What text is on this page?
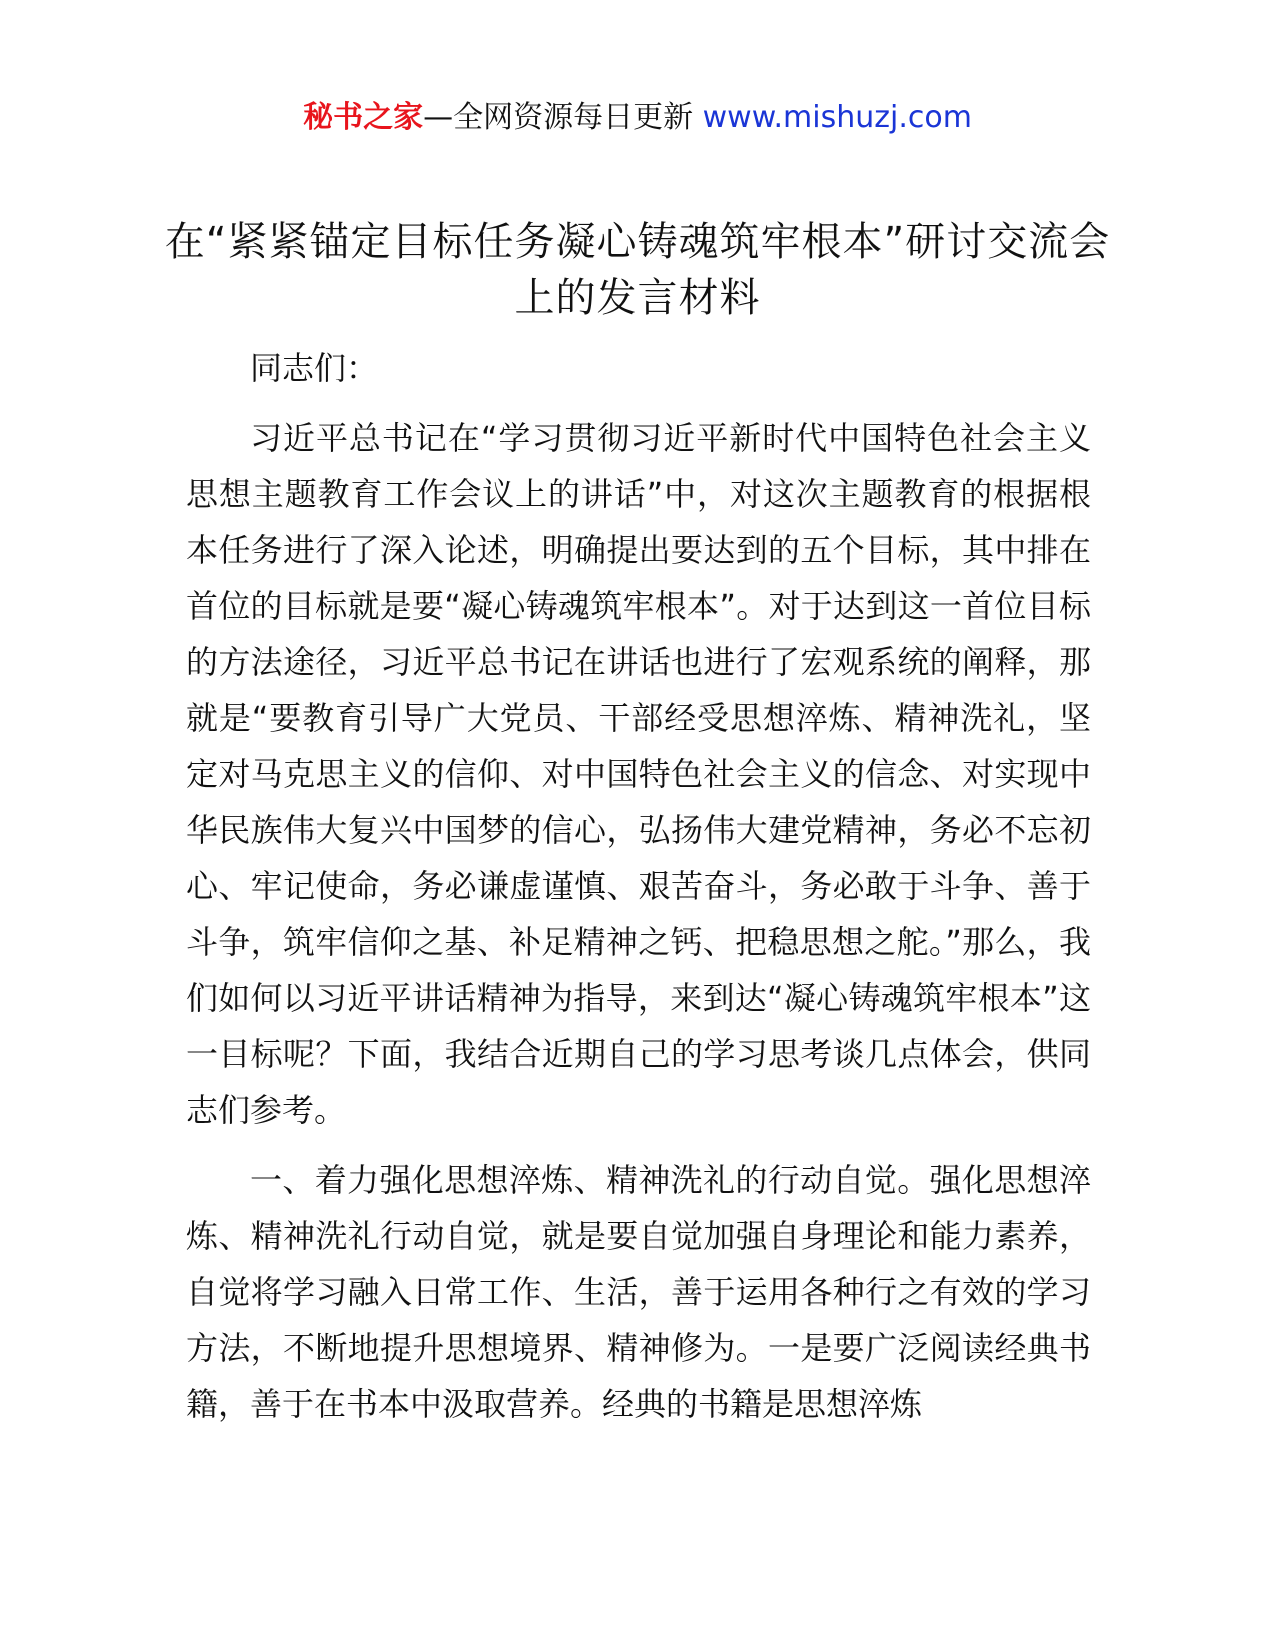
秘书之家—全网资源每日更新 www.mishuzj.com
在“紧紧锚定目标任务凝心铸魂筑牢根本”研讨交流会上的发言材料

同志们：

习近平总书记在“学习贯彻习近平新时代中国特色社会主义思想主题教育工作会议上的讲话”中，对这次主题教育的根据根本任务进行了深入论述，明确提出要达到的五个目标，其中排在首位的目标就是要“凝心铸魂筑牢根本”。对于达到这一首位目标的方法途径，习近平总书记在讲话也进行了宏观系统的阐释，那就是“要教育引导广大党员、干部经受思想淬炼、精神洗礼，坚定对马克思主义的信仰、对中国特色社会主义的信念、对实现中华民族伟大复兴中国梦的信心，弘扬伟大建党精神，务必不忘初心、牢记使命，务必谦虚谨慎、艰苦奋斗，务必敢于斗争、善于斗争，筑牢信仰之基、补足精神之钙、把稳思想之舵。”那么，我们如何以习近平讲话精神为指导，来到达“凝心铸魂筑牢根本”这一目标呢？下面，我结合近期自己的学习思考谈几点体会，供同志们参考。

一、着力强化思想淬炼、精神洗礼的行动自觉。强化思想淬炼、精神洗礼行动自觉，就是要自觉加强自身理论和能力素养，自觉将学习融入日常工作、生活，善于运用各种行之有效的学习方法，不断地提升思想境界、精神修为。一是要广泛阅读经典书籍，善于在书本中汲取营养。经典的书籍是思想淬炼
